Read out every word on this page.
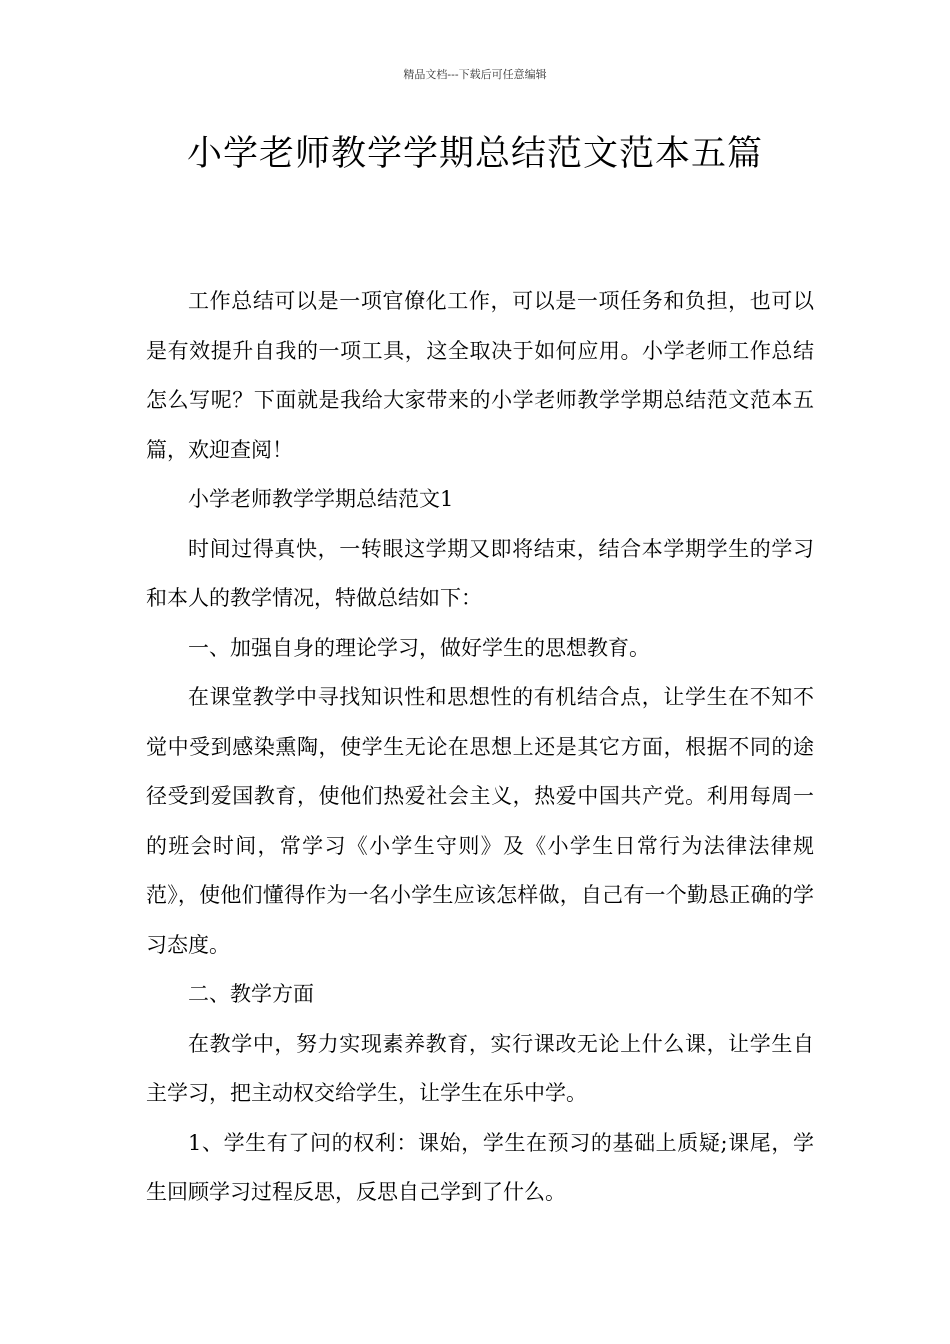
精品文档---下载后可任意编辑
小学老师教学学期总结范文范本五篇

工作总结可以是一项官僚化工作，可以是一项任务和负担，也可以是有效提升自我的一项工具，这全取决于如何应用。小学老师工作总结怎么写呢？下面就是我给大家带来的小学老师教学学期总结范文范本五篇，欢迎查阅！

小学老师教学学期总结范文1

时间过得真快，一转眼这学期又即将结束，结合本学期学生的学习和本人的教学情况，特做总结如下：

一、加强自身的理论学习，做好学生的思想教育。

在课堂教学中寻找知识性和思想性的有机结合点，让学生在不知不觉中受到感染熏陶，使学生无论在思想上还是其它方面，根据不同的途径受到爱国教育，使他们热爱社会主义，热爱中国共产党。利用每周一的班会时间，常学习《小学生守则》及《小学生日常行为法律法律规范》，使他们懂得作为一名小学生应该怎样做，自己有一个勤恳正确的学习态度。

二、教学方面

在教学中，努力实现素养教育，实行课改无论上什么课，让学生自主学习，把主动权交给学生，让学生在乐中学。

1、学生有了问的权利：课始，学生在预习的基础上质疑;课尾，学生回顾学习过程反思，反思自己学到了什么。
